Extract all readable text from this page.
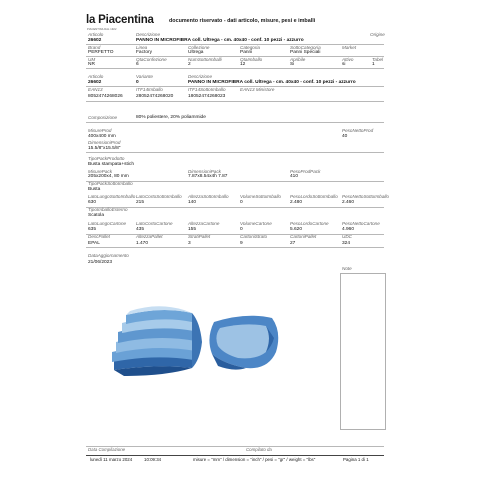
la Piacentina
PIACENTINA DAL 1922
documento riservato - dati articolo, misure, pesi e imballi
Articolo	Descrizione	Origine
26602	PANNO IN MICROFIBRA coll. Ultrega - cm. 40x40 - conf. 10 pezzi - azzurro
Brand	Linea	Collezione	Categoria	SottoCategoria	Market
PERFETTO	Factory	Ultrega	Panni	Panni Speciali
UM	QtaConfezione	NumSottoImballi	QtaImballo	Apribile	Attivo	Tabel
NR	6	2	12	Si	si	1
Articolo	Variante	Descrizione
26602	0	PANNO IN MICROFIBRA coll. Ultrega - cm. 40x40 - conf. 10 pezzi - azzurro
EAN13	ITF14Imballo	ITF14SottoImballo	EAN13 Ministore
8052474268026	28052474268020	18052474268023
Composizione	80% poliestere, 20% poliammide
MisureProd	PesoNettoProd
400x400 mm	40
DimensioniProd
15.5/8"x15.5/8"
TipoPackProdotto
Busta stampata+stich
MisurePack	DimensioniPack	PesoProdPack
205x200x4, 80 mm	7.87x8.54x4h 7.87	410
TipoPackSottoImballo
Busta
LatoLungoSottoImballo LatoCortoSottoImballo AltezzaSottoImballo VolumeSottoImballo PesoLordoSottoImballo PesoNettoSottoImballo
630	215	140	0	2.480	2.460
TipoImballoEsterno
Scatola
LatoLungoCartone LatoCortoCartone	AltezzaCartone	VolumeCartone	PesoLordoCartone	PesoNettoCartone
635	435	155	0	5.620	4.960
DescPallet	AltezzaPallet	StratiPallet	CartoniStrato	CartoniPallet	UDC
EPAL	1.470	3	9	27	324
DataAggiornamento
21/06/2023
Note
Data Compilazione	Compilato da
lunedì 11 marzo 2024	10:09:34	misure = "mm" / dimension = "inch" / pesi = "gr" / weight = "lbs"	Pagina 1 di 1
